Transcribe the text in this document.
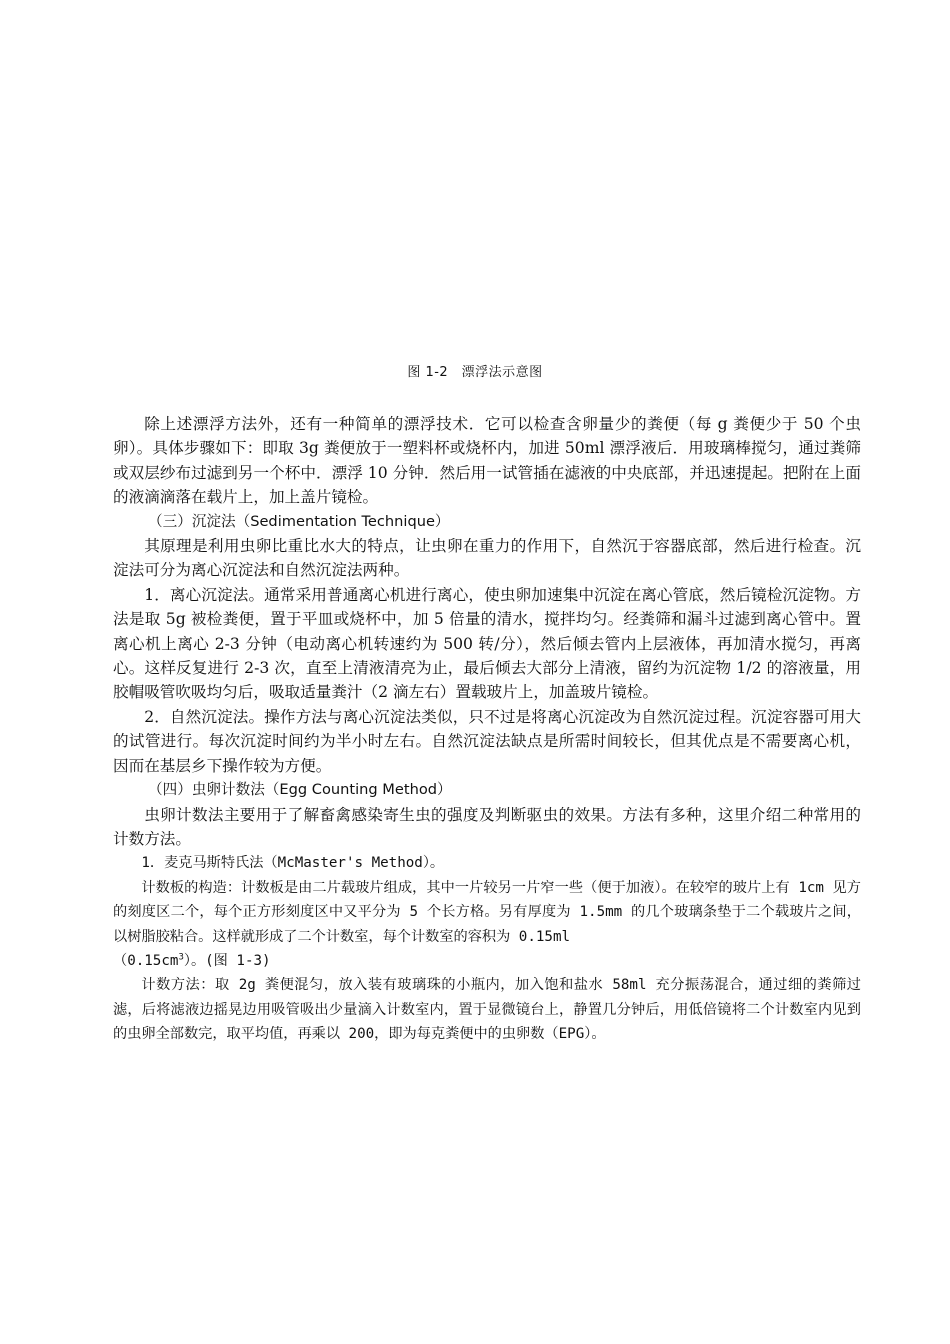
图 1-2　漂浮法示意图

除上述漂浮方法外，还有一种简单的漂浮技术．它可以检查含卵量少的粪便（每 g 粪便少于 50 个虫卵）。具体步骤如下：即取 3g 粪便放于一塑料杯或烧杯内，加进 50ml 漂浮液后．用玻璃棒搅匀，通过粪筛或双层纱布过滤到另一个杯中．漂浮 10 分钟．然后用一试管插在滤液的中央底部，并迅速提起。把附在上面的液滴滴落在载片上，加上盖片镜检。

（三）沉淀法（Sedimentation Technique）

其原理是利用虫卵比重比水大的特点，让虫卵在重力的作用下，自然沉于容器底部，然后进行检查。沉淀法可分为离心沉淀法和自然沉淀法两种。

1．离心沉淀法。通常采用普通离心机进行离心，使虫卵加速集中沉淀在离心管底，然后镜检沉淀物。方法是取 5g 被检粪便，置于平皿或烧杯中，加 5 倍量的清水，搅拌均匀。经粪筛和漏斗过滤到离心管中。置离心机上离心 2-3 分钟（电动离心机转速约为 500 转/分），然后倾去管内上层液体，再加清水搅匀，再离心。这样反复进行 2-3 次，直至上清液清亮为止，最后倾去大部分上清液，留约为沉淀物 1/2 的溶液量，用胶帽吸管吹吸均匀后，吸取适量粪汁（2 滴左右）置载玻片上，加盖玻片镜检。

2．自然沉淀法。操作方法与离心沉淀法类似，只不过是将离心沉淀改为自然沉淀过程。沉淀容器可用大的试管进行。每次沉淀时间约为半小时左右。自然沉淀法缺点是所需时间较长，但其优点是不需要离心机，因而在基层乡下操作较为方便。

（四）虫卵计数法（Egg Counting Method）

虫卵计数法主要用于了解畜禽感染寄生虫的强度及判断驱虫的效果。方法有多种，这里介绍二种常用的计数方法。

1．麦克马斯特氏法（McMaster's Method）。

计数板的构造：计数板是由二片载玻片组成，其中一片较另一片窄一些（便于加液）。在较窄的玻片上有 1cm 见方的刻度区二个，每个正方形刻度区中又平分为 5 个长方格。另有厚度为 1.5mm 的几个玻璃条垫于二个载玻片之间，以树脂胶粘合。这样就形成了二个计数室，每个计数室的容积为 0.15ml

$(0.15cm^3)$。(图 1-3)

计数方法：取 2g 粪便混匀，放入装有玻璃珠的小瓶内，加入饱和盐水 58ml 充分振荡混合，通过细的粪筛过滤，后将滤液边摇晃边用吸管吸出少量滴入计数室内，置于显微镜台上，静置几分钟后，用低倍镜将二个计数室内见到的虫卵全部数完，取平均值，再乘以 200，即为每克粪便中的虫卵数（EPG）。
